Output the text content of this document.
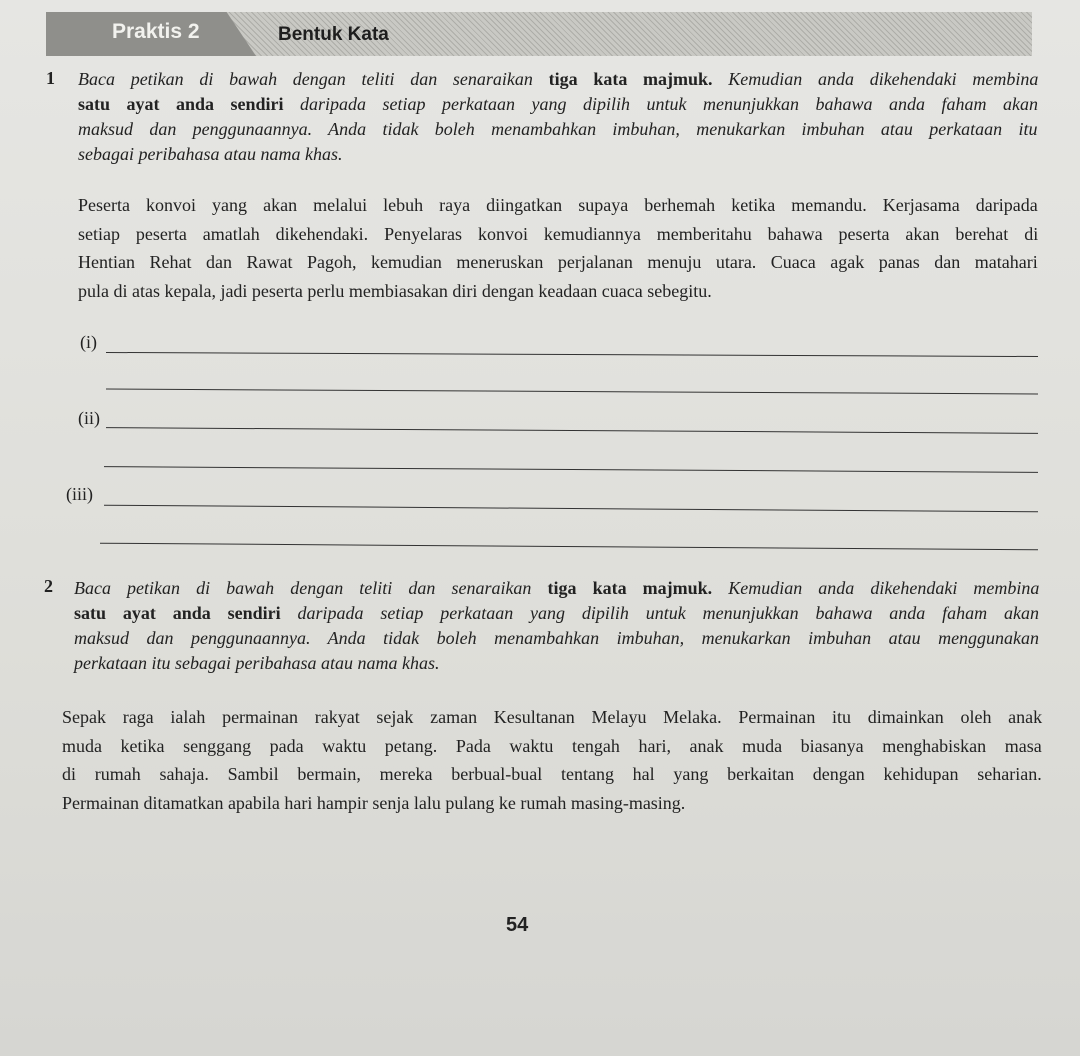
Praktis 2	Bentuk Kata
1 Baca petikan di bawah dengan teliti dan senaraikan tiga kata majmuk. Kemudian anda dikehendaki membina

satu ayat anda sendiri daripada setiap perkataan yang dipilih untuk menunjukkan bahawa anda faham akan

maksud dan penggunaannya. Anda tidak boleh menambahkan imbuhan, menukarkan imbuhan atau perkataan itu

sebagai peribahasa atau nama khas.

Peserta konvoi yang akan melalui lebuh raya diingatkan supaya berhemah ketika memandu. Kerjasama daripada

setiap peserta amatlah dikehendaki. Penyelaras konvoi kemudiannya memberitahu bahawa peserta akan berehat di

Hentian Rehat dan Rawat Pagoh, kemudian meneruskan perjalanan menuju utara. Cuaca agak panas dan matahari

pula di atas kepala, jadi peserta perlu membiasakan diri dengan keadaan cuaca sebegitu.

(i)
(ii)
(iii)
2 Baca petikan di bawah dengan teliti dan senaraikan tiga kata majmuk. Kemudian anda dikehendaki membina

satu ayat anda sendiri daripada setiap perkataan yang dipilih untuk menunjukkan bahawa anda faham akan

maksud dan penggunaannya. Anda tidak boleh menambahkan imbuhan, menukarkan imbuhan atau menggunakan

perkataan itu sebagai peribahasa atau nama khas.

Sepak raga ialah permainan rakyat sejak zaman Kesultanan Melayu Melaka. Permainan itu dimainkan oleh anak

muda ketika senggang pada waktu petang. Pada waktu tengah hari, anak muda biasanya menghabiskan masa

di rumah sahaja. Sambil bermain, mereka berbual-bual tentang hal yang berkaitan dengan kehidupan seharian.

Permainan ditamatkan apabila hari hampir senja lalu pulang ke rumah masing-masing.

54
